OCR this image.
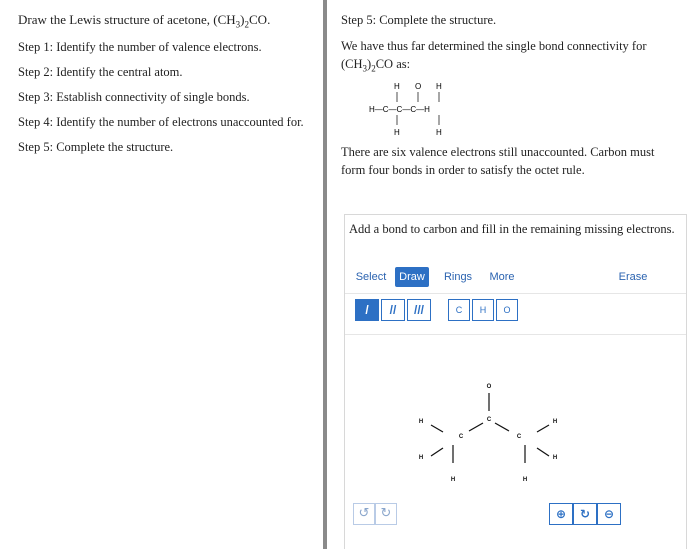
Draw the Lewis structure of acetone, $(CH_3)_2CO$.
Step 1: Identify the number of valence electrons.
Step 2: Identify the central atom.
Step 3: Establish connectivity of single bonds.
Step 4: Identify the number of electrons unaccounted for.
Step 5: Complete the structure.
Step 5: Complete the structure.
We have thus far determined the single bond connectivity for
$(CH_3)_2CO$ as:
H O H
H—C—C—C—H
H	H
There are six valence electrons still unaccounted. Carbon must form four bonds in order to satisfy the octet rule.
Add a bond to carbon and fill in the remaining missing electrons.
Select	Draw	Rings	More	Erase
/	//	///	C	H	O
O
C
C	C
H
H
H
H
H
H
↺ ↻	⊕	↻	⊖
